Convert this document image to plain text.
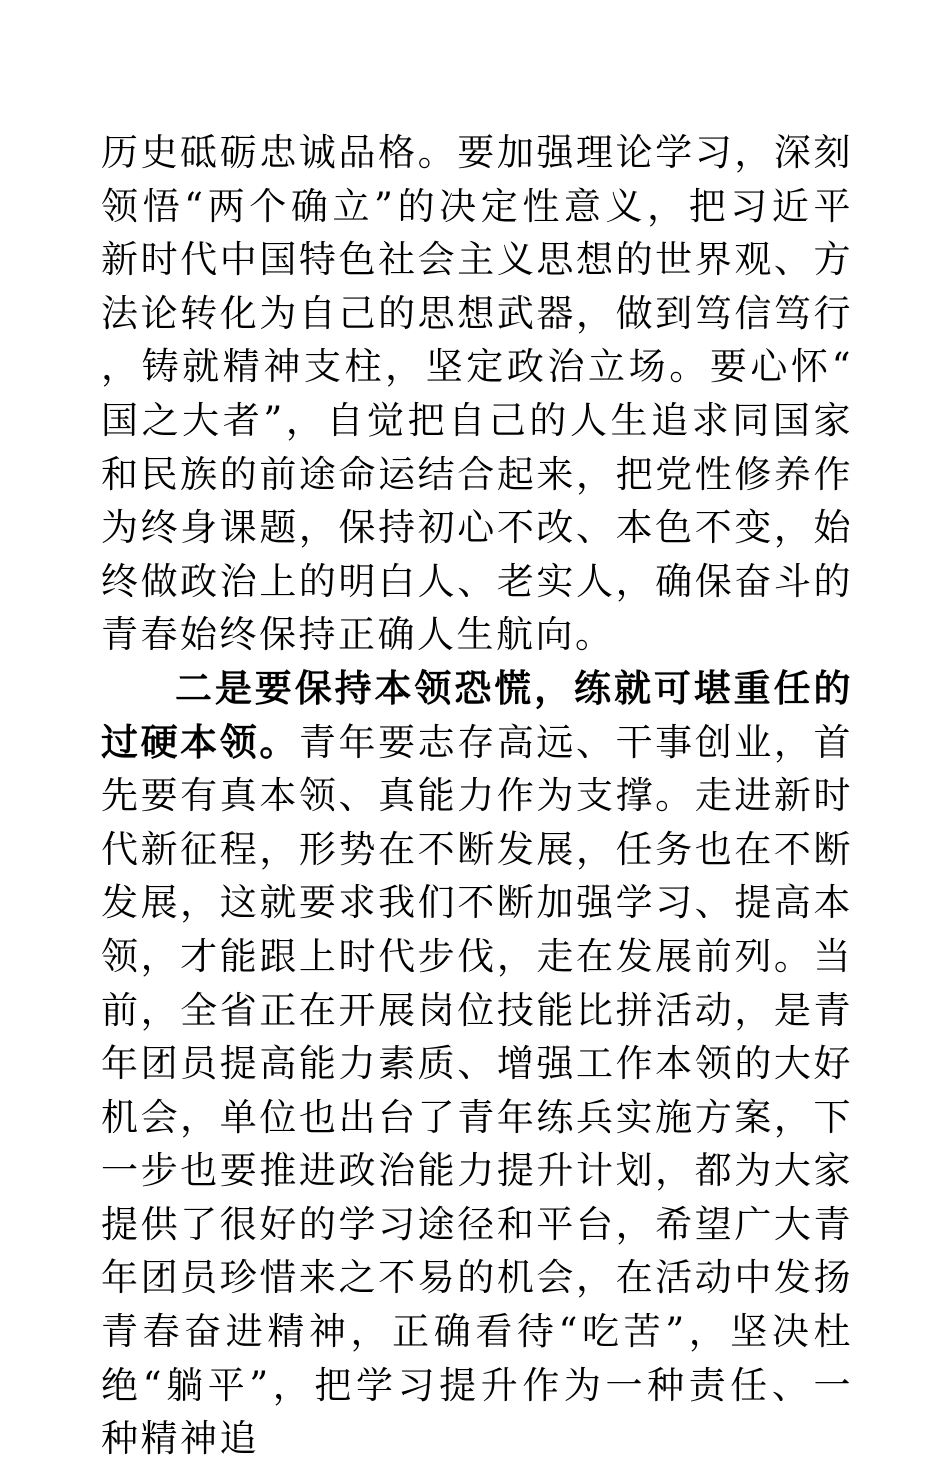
历史砥砺忠诚品格。要加强理论学习，深刻领悟“两个确立”的决定性意义，把习近平新时代中国特色社会主义思想的世界观、方法论转化为自己的思想武器，做到笃信笃行，铸就精神支柱，坚定政治立场。要心怀“国之大者”，自觉把自己的人生追求同国家和民族的前途命运结合起来，把党性修养作为终身课题，保持初心不改、本色不变，始终做政治上的明白人、老实人，确保奋斗的青春始终保持正确人生航向。

二是要保持本领恐慌，练就可堪重任的过硬本领。青年要志存高远、干事创业，首先要有真本领、真能力作为支撑。走进新时代新征程，形势在不断发展，任务也在不断发展，这就要求我们不断加强学习、提高本领，才能跟上时代步伐，走在发展前列。当前，全省正在开展岗位技能比拼活动，是青年团员提高能力素质、增强工作本领的大好机会，单位也出台了青年练兵实施方案，下一步也要推进政治能力提升计划，都为大家提供了很好的学习途径和平台，希望广大青年团员珍惜来之不易的机会，在活动中发扬青春奋进精神，正确看待“吃苦”，坚决杜绝“躺平”，把学习提升作为一种责任、一种精神追
